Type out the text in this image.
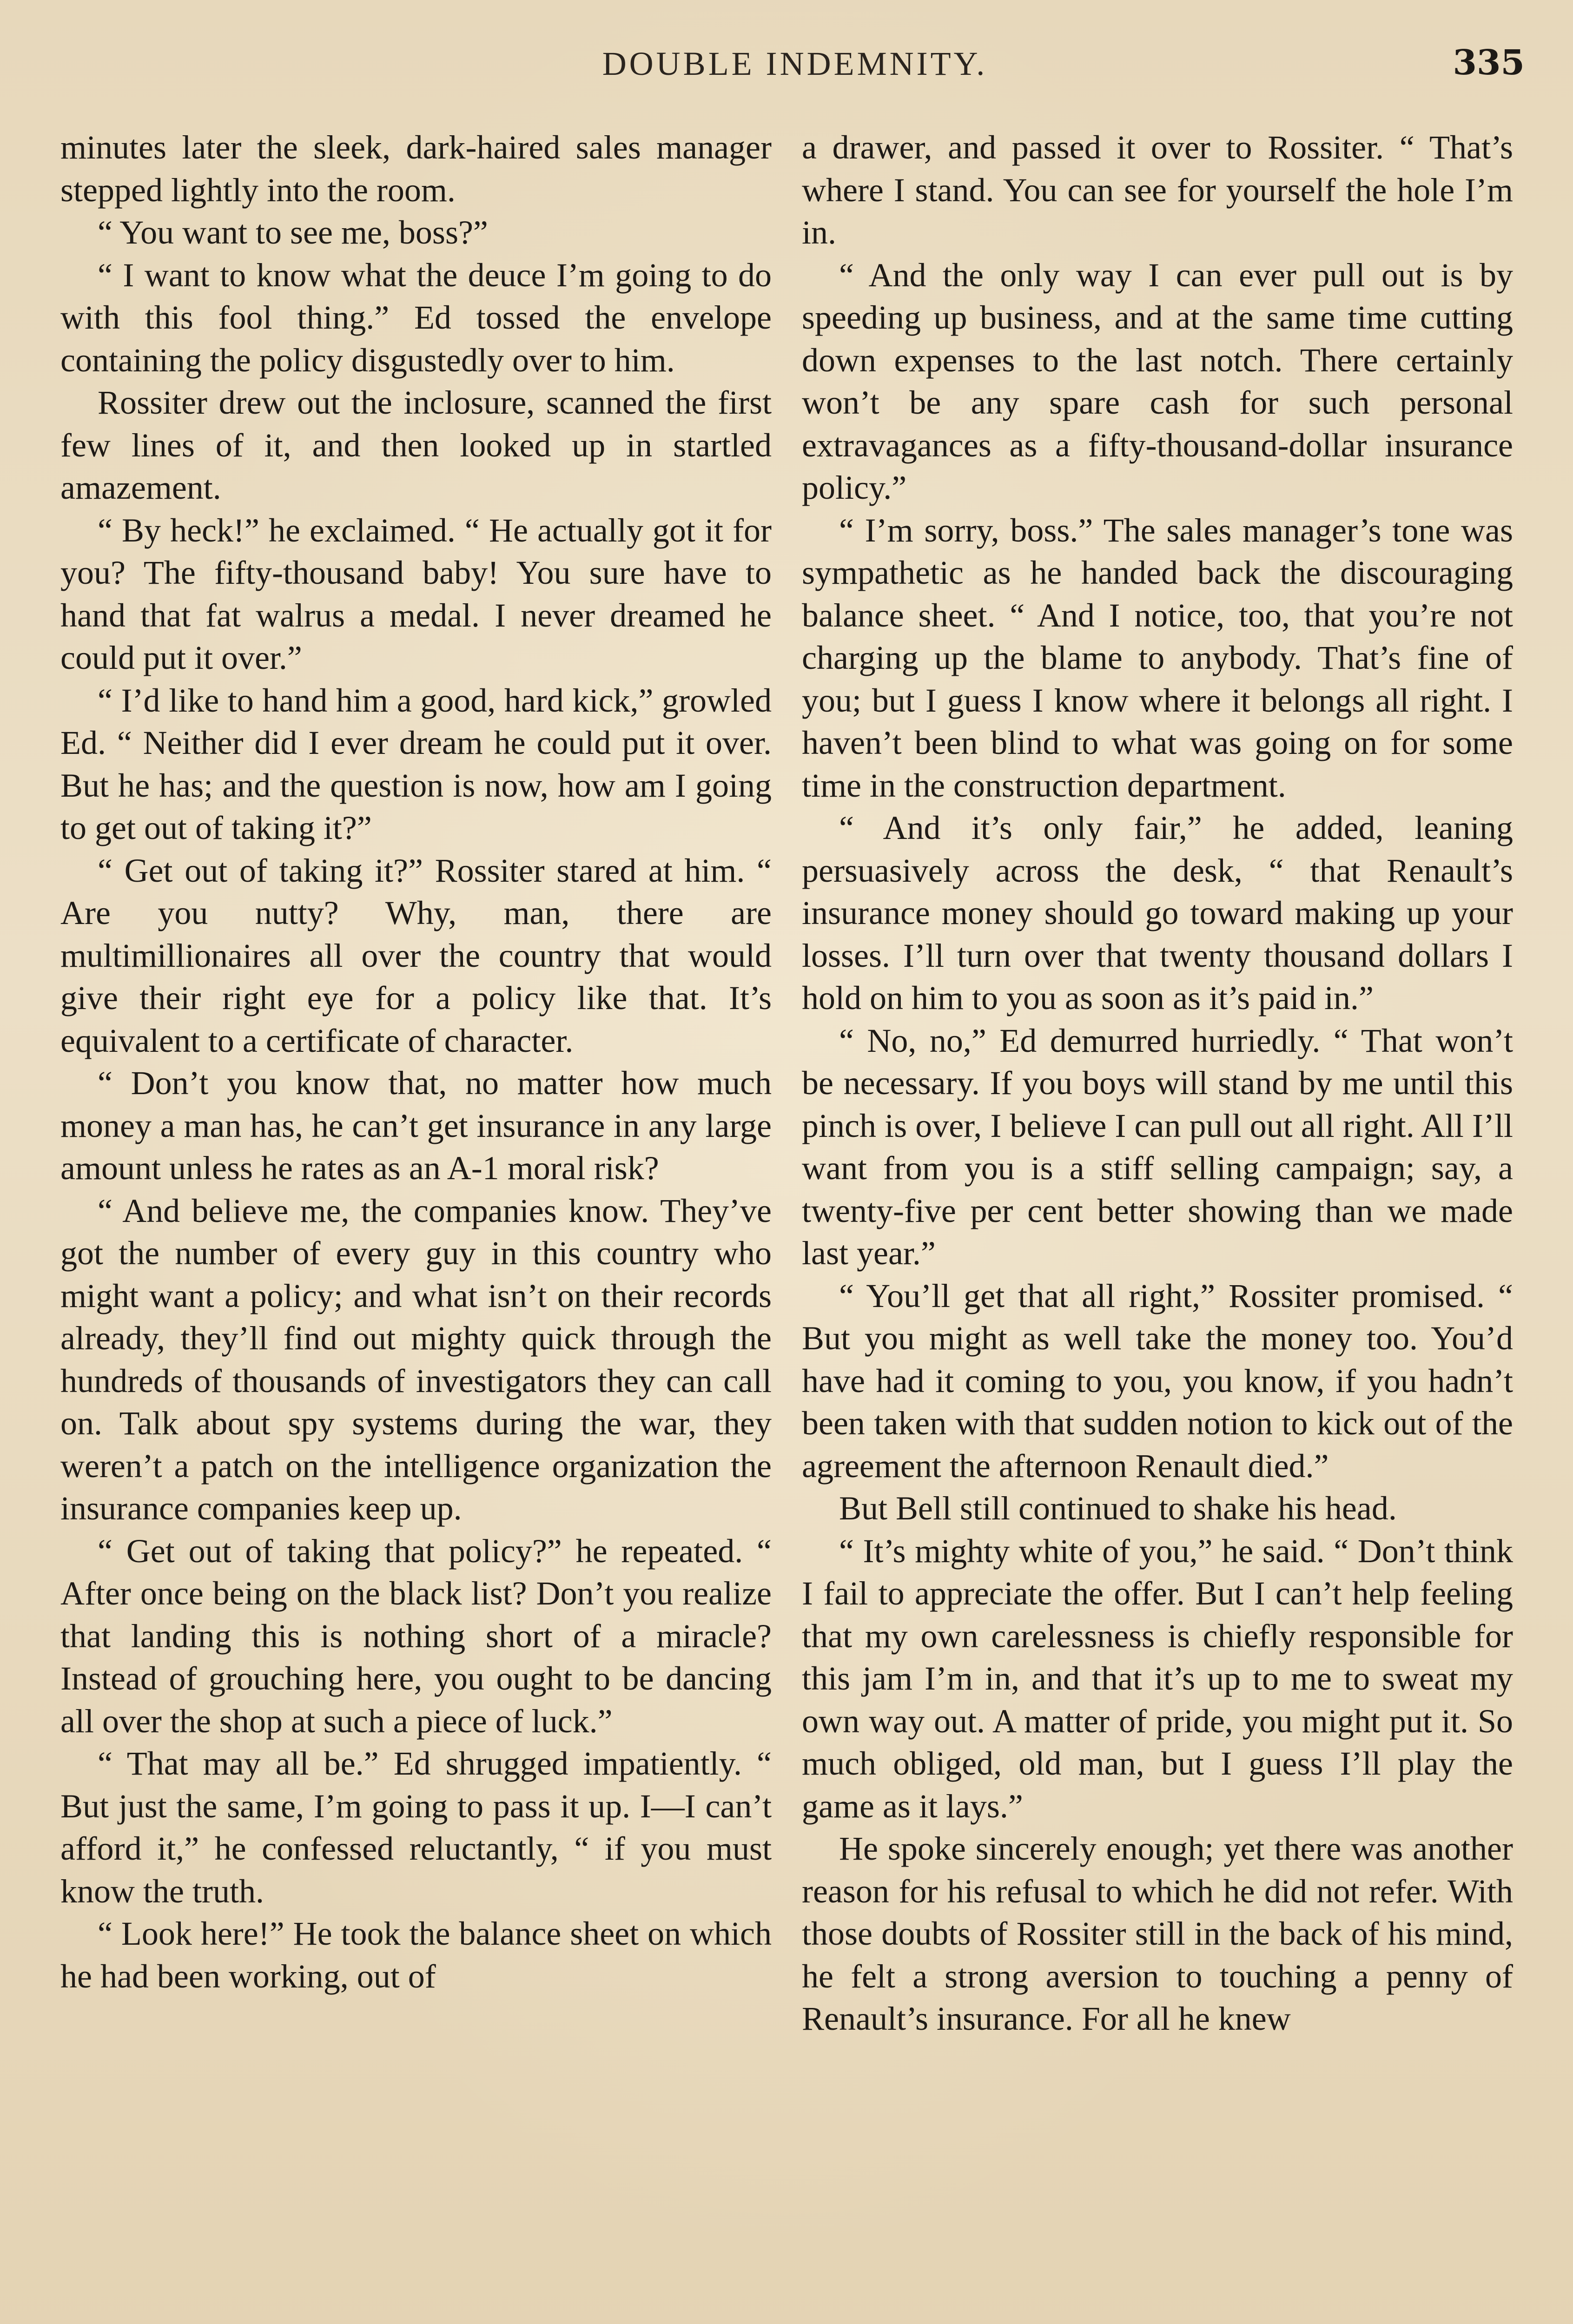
DOUBLE INDEMNITY.	335

minutes later the sleek, dark-haired sales manager stepped lightly into the room.

“ You want to see me, boss?”

“ I want to know what the deuce I’m going to do with this fool thing.” Ed tossed the envelope containing the policy disgustedly over to him.

Rossiter drew out the inclosure, scanned the first few lines of it, and then looked up in startled amazement.

“ By heck!” he exclaimed. “ He actually got it for you? The fifty-thousand baby! You sure have to hand that fat walrus a medal. I never dreamed he could put it over.”

“ I’d like to hand him a good, hard kick,” growled Ed. “ Neither did I ever dream he could put it over. But he has; and the question is now, how am I going to get out of taking it?”

“ Get out of taking it?” Rossiter stared at him. “ Are you nutty? Why, man, there are multimillionaires all over the country that would give their right eye for a policy like that. It’s equivalent to a certificate of character.

“ Don’t you know that, no matter how much money a man has, he can’t get insurance in any large amount unless he rates as an A-1 moral risk?

“ And believe me, the companies know. They’ve got the number of every guy in this country who might want a policy; and what isn’t on their records already, they’ll find out mighty quick through the hundreds of thousands of investigators they can call on. Talk about spy systems during the war, they weren’t a patch on the intelligence organization the insurance companies keep up.

“ Get out of taking that policy?” he repeated. “ After once being on the black list? Don’t you realize that landing this is nothing short of a miracle? Instead of grouching here, you ought to be dancing all over the shop at such a piece of luck.”

“ That may all be.” Ed shrugged impatiently. “ But just the same, I’m going to pass it up. I—I can’t afford it,” he confessed reluctantly, “ if you must know the truth.

“ Look here!” He took the balance sheet on which he had been working, out of

a drawer, and passed it over to Rossiter. “ That’s where I stand. You can see for yourself the hole I’m in.

“ And the only way I can ever pull out is by speeding up business, and at the same time cutting down expenses to the last notch. There certainly won’t be any spare cash for such personal extravagances as a fifty-thousand-dollar insurance policy.”

“ I’m sorry, boss.” The sales manager’s tone was sympathetic as he handed back the discouraging balance sheet. “ And I notice, too, that you’re not charging up the blame to anybody. That’s fine of you; but I guess I know where it belongs all right. I haven’t been blind to what was going on for some time in the construction department.

“ And it’s only fair,” he added, leaning persuasively across the desk, “ that Renault’s insurance money should go toward making up your losses. I’ll turn over that twenty thousand dollars I hold on him to you as soon as it’s paid in.”

“ No, no,” Ed demurred hurriedly. “ That won’t be necessary. If you boys will stand by me until this pinch is over, I believe I can pull out all right. All I’ll want from you is a stiff selling campaign; say, a twenty-five per cent better showing than we made last year.”

“ You’ll get that all right,” Rossiter promised. “ But you might as well take the money too. You’d have had it coming to you, you know, if you hadn’t been taken with that sudden notion to kick out of the agreement the afternoon Renault died.”

But Bell still continued to shake his head.

“ It’s mighty white of you,” he said. “ Don’t think I fail to appreciate the offer. But I can’t help feeling that my own carelessness is chiefly responsible for this jam I’m in, and that it’s up to me to sweat my own way out. A matter of pride, you might put it. So much obliged, old man, but I guess I’ll play the game as it lays.”

He spoke sincerely enough; yet there was another reason for his refusal to which he did not refer. With those doubts of Rossiter still in the back of his mind, he felt a strong aversion to touching a penny of Renault’s insurance. For all he knew
